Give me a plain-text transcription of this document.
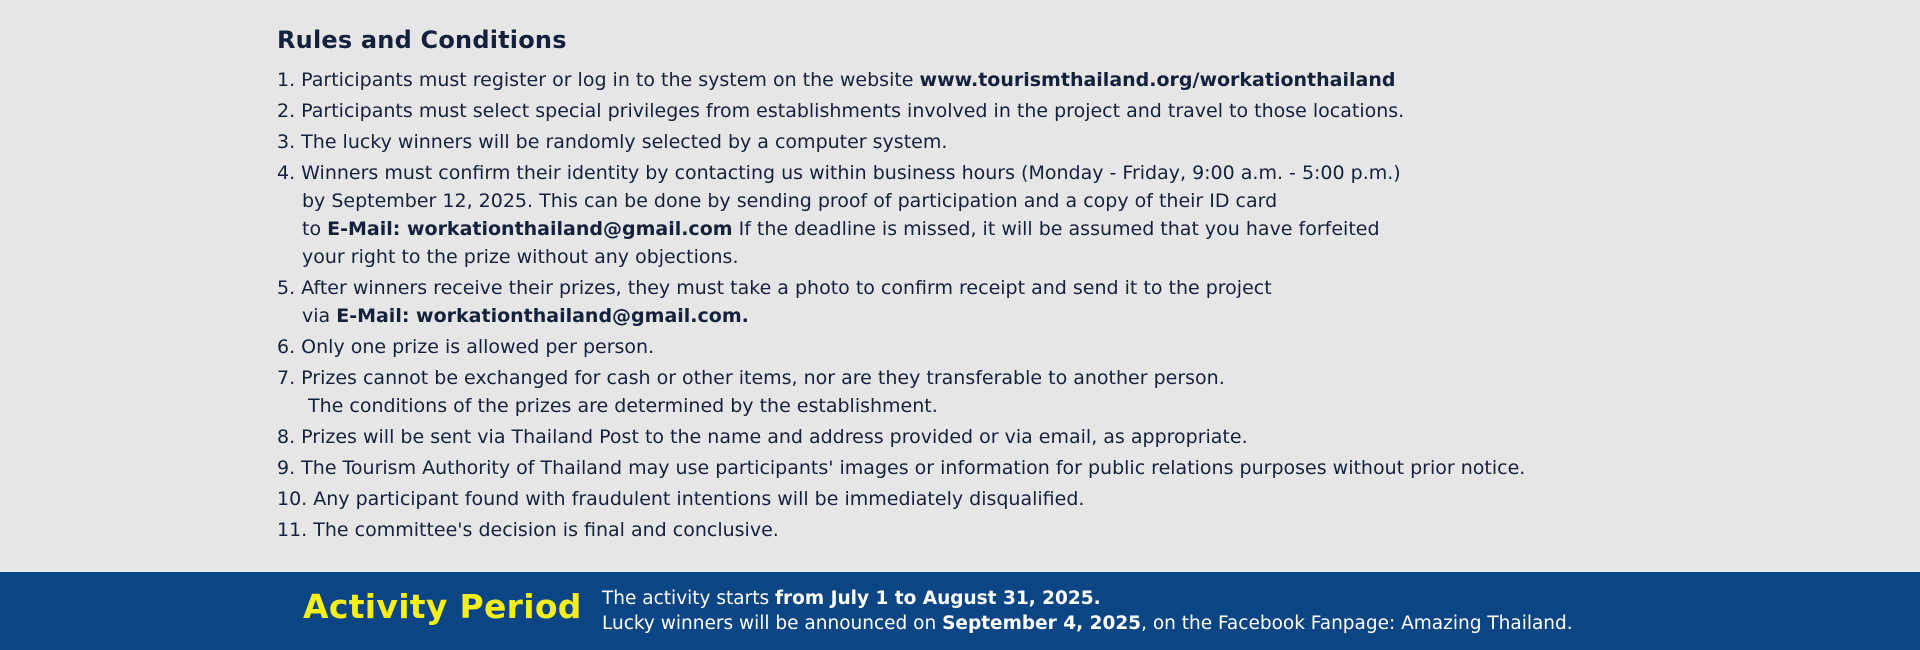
Rules and Conditions
1. Participants must register or log in to the system on the website www.tourismthailand.org/workationthailand
2. Participants must select special privileges from establishments involved in the project and travel to those locations.
3. The lucky winners will be randomly selected by a computer system.
4. Winners must confirm their identity by contacting us within business hours (Monday - Friday, 9:00 a.m. - 5:00 p.m.)
by September 12, 2025. This can be done by sending proof of participation and a copy of their ID card
to E-Mail: workationthailand@gmail.com If the deadline is missed, it will be assumed that you have forfeited
your right to the prize without any objections.
5. After winners receive their prizes, they must take a photo to confirm receipt and send it to the project
via E-Mail: workationthailand@gmail.com.
6. Only one prize is allowed per person.
7. Prizes cannot be exchanged for cash or other items, nor are they transferable to another person.
The conditions of the prizes are determined by the establishment.
8. Prizes will be sent via Thailand Post to the name and address provided or via email, as appropriate.
9. The Tourism Authority of Thailand may use participants' images or information for public relations purposes without prior notice.
10. Any participant found with fraudulent intentions will be immediately disqualified.
11. The committee's decision is final and conclusive.
Activity Period The activity starts from July 1 to August 31, 2025.
Lucky winners will be announced on September 4, 2025, on the Facebook Fanpage: Amazing Thailand.
